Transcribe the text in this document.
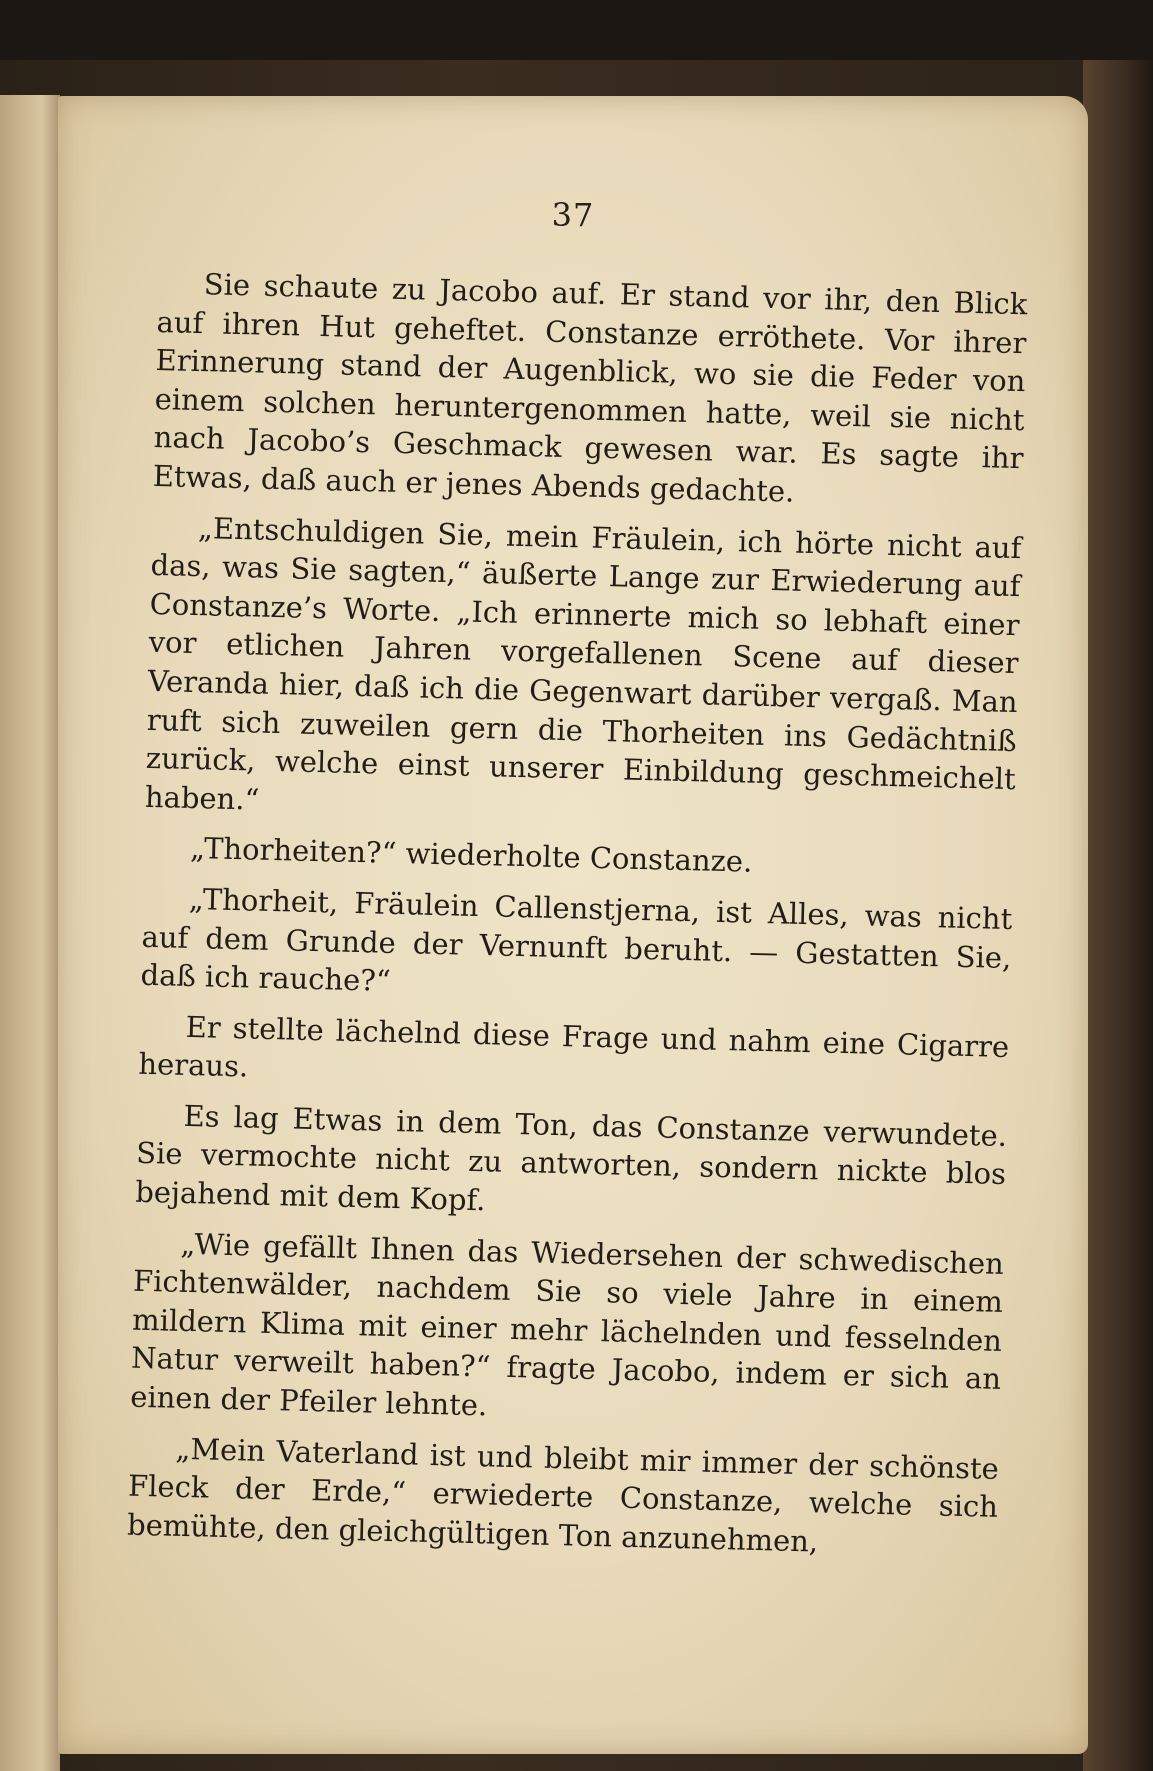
37

Sie schaute zu Jacobo auf. Er stand vor ihr, den Blick auf ihren Hut geheftet. Constanze erröthete. Vor ihrer Erinnerung stand der Augenblick, wo sie die Feder von einem solchen heruntergenommen hatte, weil sie nicht nach Jacobo’s Geschmack gewesen war. Es sagte ihr Etwas, daß auch er jenes Abends gedachte.

„Entschuldigen Sie, mein Fräulein, ich hörte nicht auf das, was Sie sagten,“ äußerte Lange zur Erwiederung auf Constanze’s Worte. „Ich erinnerte mich so lebhaft einer vor etlichen Jahren vorgefallenen Scene auf dieser Veranda hier, daß ich die Gegenwart darüber vergaß. Man ruft sich zuweilen gern die Thorheiten ins Gedächtniß zurück, welche einst unserer Einbildung geschmeichelt haben.“

„Thorheiten?“ wiederholte Constanze.

„Thorheit, Fräulein Callenstjerna, ist Alles, was nicht auf dem Grunde der Vernunft beruht. — Gestatten Sie, daß ich rauche?“

Er stellte lächelnd diese Frage und nahm eine Cigarre heraus.

Es lag Etwas in dem Ton, das Constanze verwundete. Sie vermochte nicht zu antworten, sondern nickte blos bejahend mit dem Kopf.

„Wie gefällt Ihnen das Wiedersehen der schwedischen Fichtenwälder, nachdem Sie so viele Jahre in einem mildern Klima mit einer mehr lächelnden und fesselnden Natur verweilt haben?“ fragte Jacobo, indem er sich an einen der Pfeiler lehnte.

„Mein Vaterland ist und bleibt mir immer der schönste Fleck der Erde,“ erwiederte Constanze, welche sich bemühte, den gleichgültigen Ton anzunehmen,
